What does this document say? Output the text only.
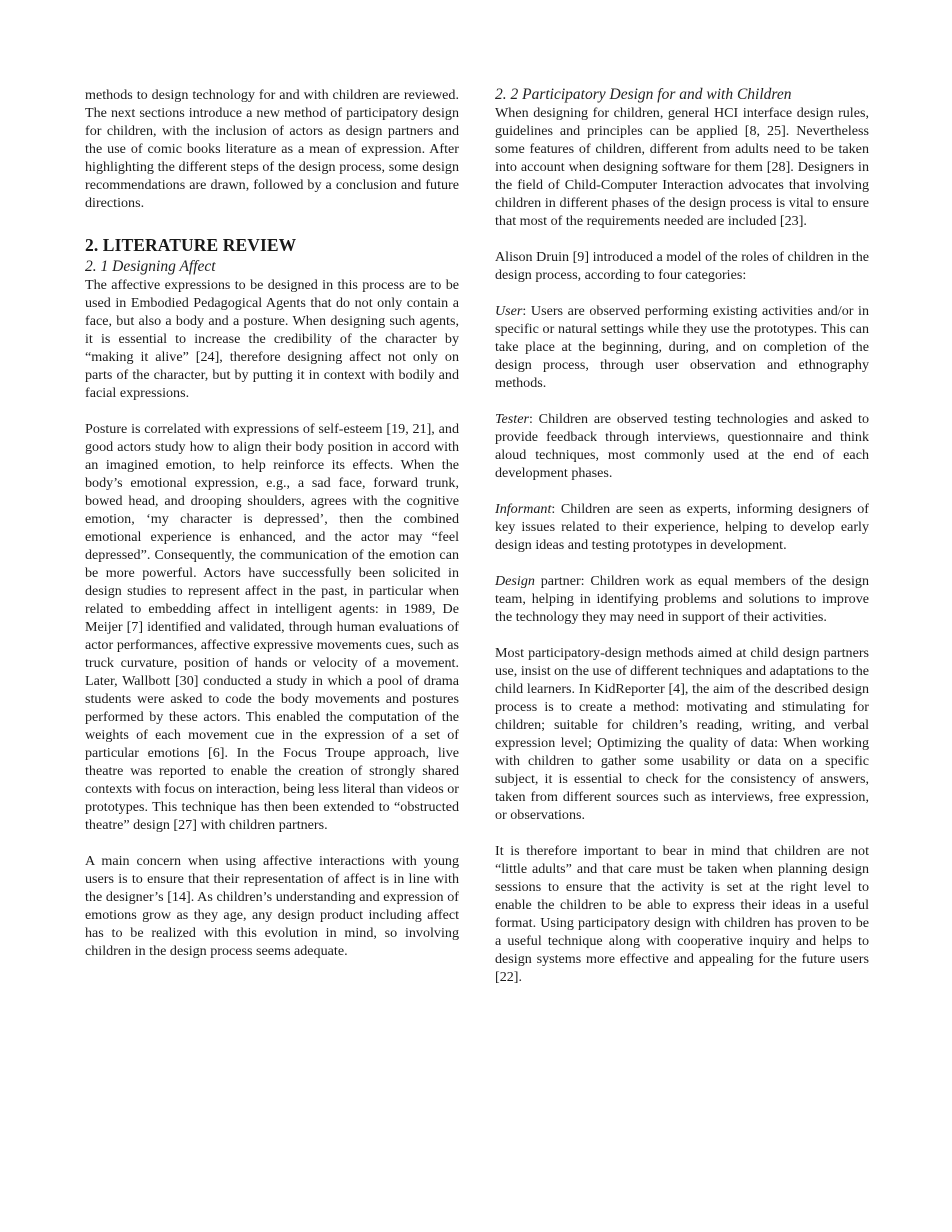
methods to design technology for and with children are reviewed. The next sections introduce a new method of participatory design for children, with the inclusion of actors as design partners and the use of comic books literature as a mean of expression. After highlighting the different steps of the design process, some design recommendations are drawn, followed by a conclusion and future directions.

2. LITERATURE REVIEW
2. 1 Designing Affect

The affective expressions to be designed in this process are to be used in Embodied Pedagogical Agents that do not only contain a face, but also a body and a posture. When designing such agents, it is essential to increase the credibility of the character by “making it alive” [24], therefore designing affect not only on parts of the character, but by putting it in context with bodily and facial expressions.

Posture is correlated with expressions of self-esteem [19, 21], and good actors study how to align their body position in accord with an imagined emotion, to help reinforce its effects. When the body’s emotional expression, e.g., a sad face, forward trunk, bowed head, and drooping shoulders, agrees with the cognitive emotion, ‘my character is depressed’, then the combined emotional experience is enhanced, and the actor may “feel depressed”. Consequently, the communication of the emotion can be more powerful. Actors have successfully been solicited in design studies to represent affect in the past, in particular when related to embedding affect in intelligent agents: in 1989, De Meijer [7] identified and validated, through human evaluations of actor performances, affective expressive movements cues, such as truck curvature, position of hands or velocity of a movement. Later, Wallbott [30] conducted a study in which a pool of drama students were asked to code the body movements and postures performed by these actors. This enabled the computation of the weights of each movement cue in the expression of a set of particular emotions [6]. In the Focus Troupe approach, live theatre was reported to enable the creation of strongly shared contexts with focus on interaction, being less literal than videos or prototypes. This technique has then been extended to “obstructed theatre” design [27] with children partners.

A main concern when using affective interactions with young users is to ensure that their representation of affect is in line with the designer’s [14]. As children’s understanding and expression of emotions grow as they age, any design product including affect has to be realized with this evolution in mind, so involving children in the design process seems adequate.

2. 2 Participatory Design for and with Children

When designing for children, general HCI interface design rules, guidelines and principles can be applied [8, 25]. Nevertheless some features of children, different from adults need to be taken into account when designing software for them [28]. Designers in the field of Child-Computer Interaction advocates that involving children in different phases of the design process is vital to ensure that most of the requirements needed are included [23].

Alison Druin [9] introduced a model of the roles of children in the design process, according to four categories:

User: Users are observed performing existing activities and/or in specific or natural settings while they use the prototypes. This can take place at the beginning, during, and on completion of the design process, through user observation and ethnography methods.

Tester: Children are observed testing technologies and asked to provide feedback through interviews, questionnaire and think aloud techniques, most commonly used at the end of each development phases.

Informant: Children are seen as experts, informing designers of key issues related to their experience, helping to develop early design ideas and testing prototypes in development.

Design partner: Children work as equal members of the design team, helping in identifying problems and solutions to improve the technology they may need in support of their activities.

Most participatory-design methods aimed at child design partners use, insist on the use of different techniques and adaptations to the child learners. In KidReporter [4], the aim of the described design process is to create a method: motivating and stimulating for children; suitable for children’s reading, writing, and verbal expression level; Optimizing the quality of data: When working with children to gather some usability or data on a specific subject, it is essential to check for the consistency of answers, taken from different sources such as interviews, free expression, or observations.

It is therefore important to bear in mind that children are not “little adults” and that care must be taken when planning design sessions to ensure that the activity is set at the right level to enable the children to be able to express their ideas in a useful format. Using participatory design with children has proven to be a useful technique along with cooperative inquiry and helps to design systems more effective and appealing for the future users [22].
